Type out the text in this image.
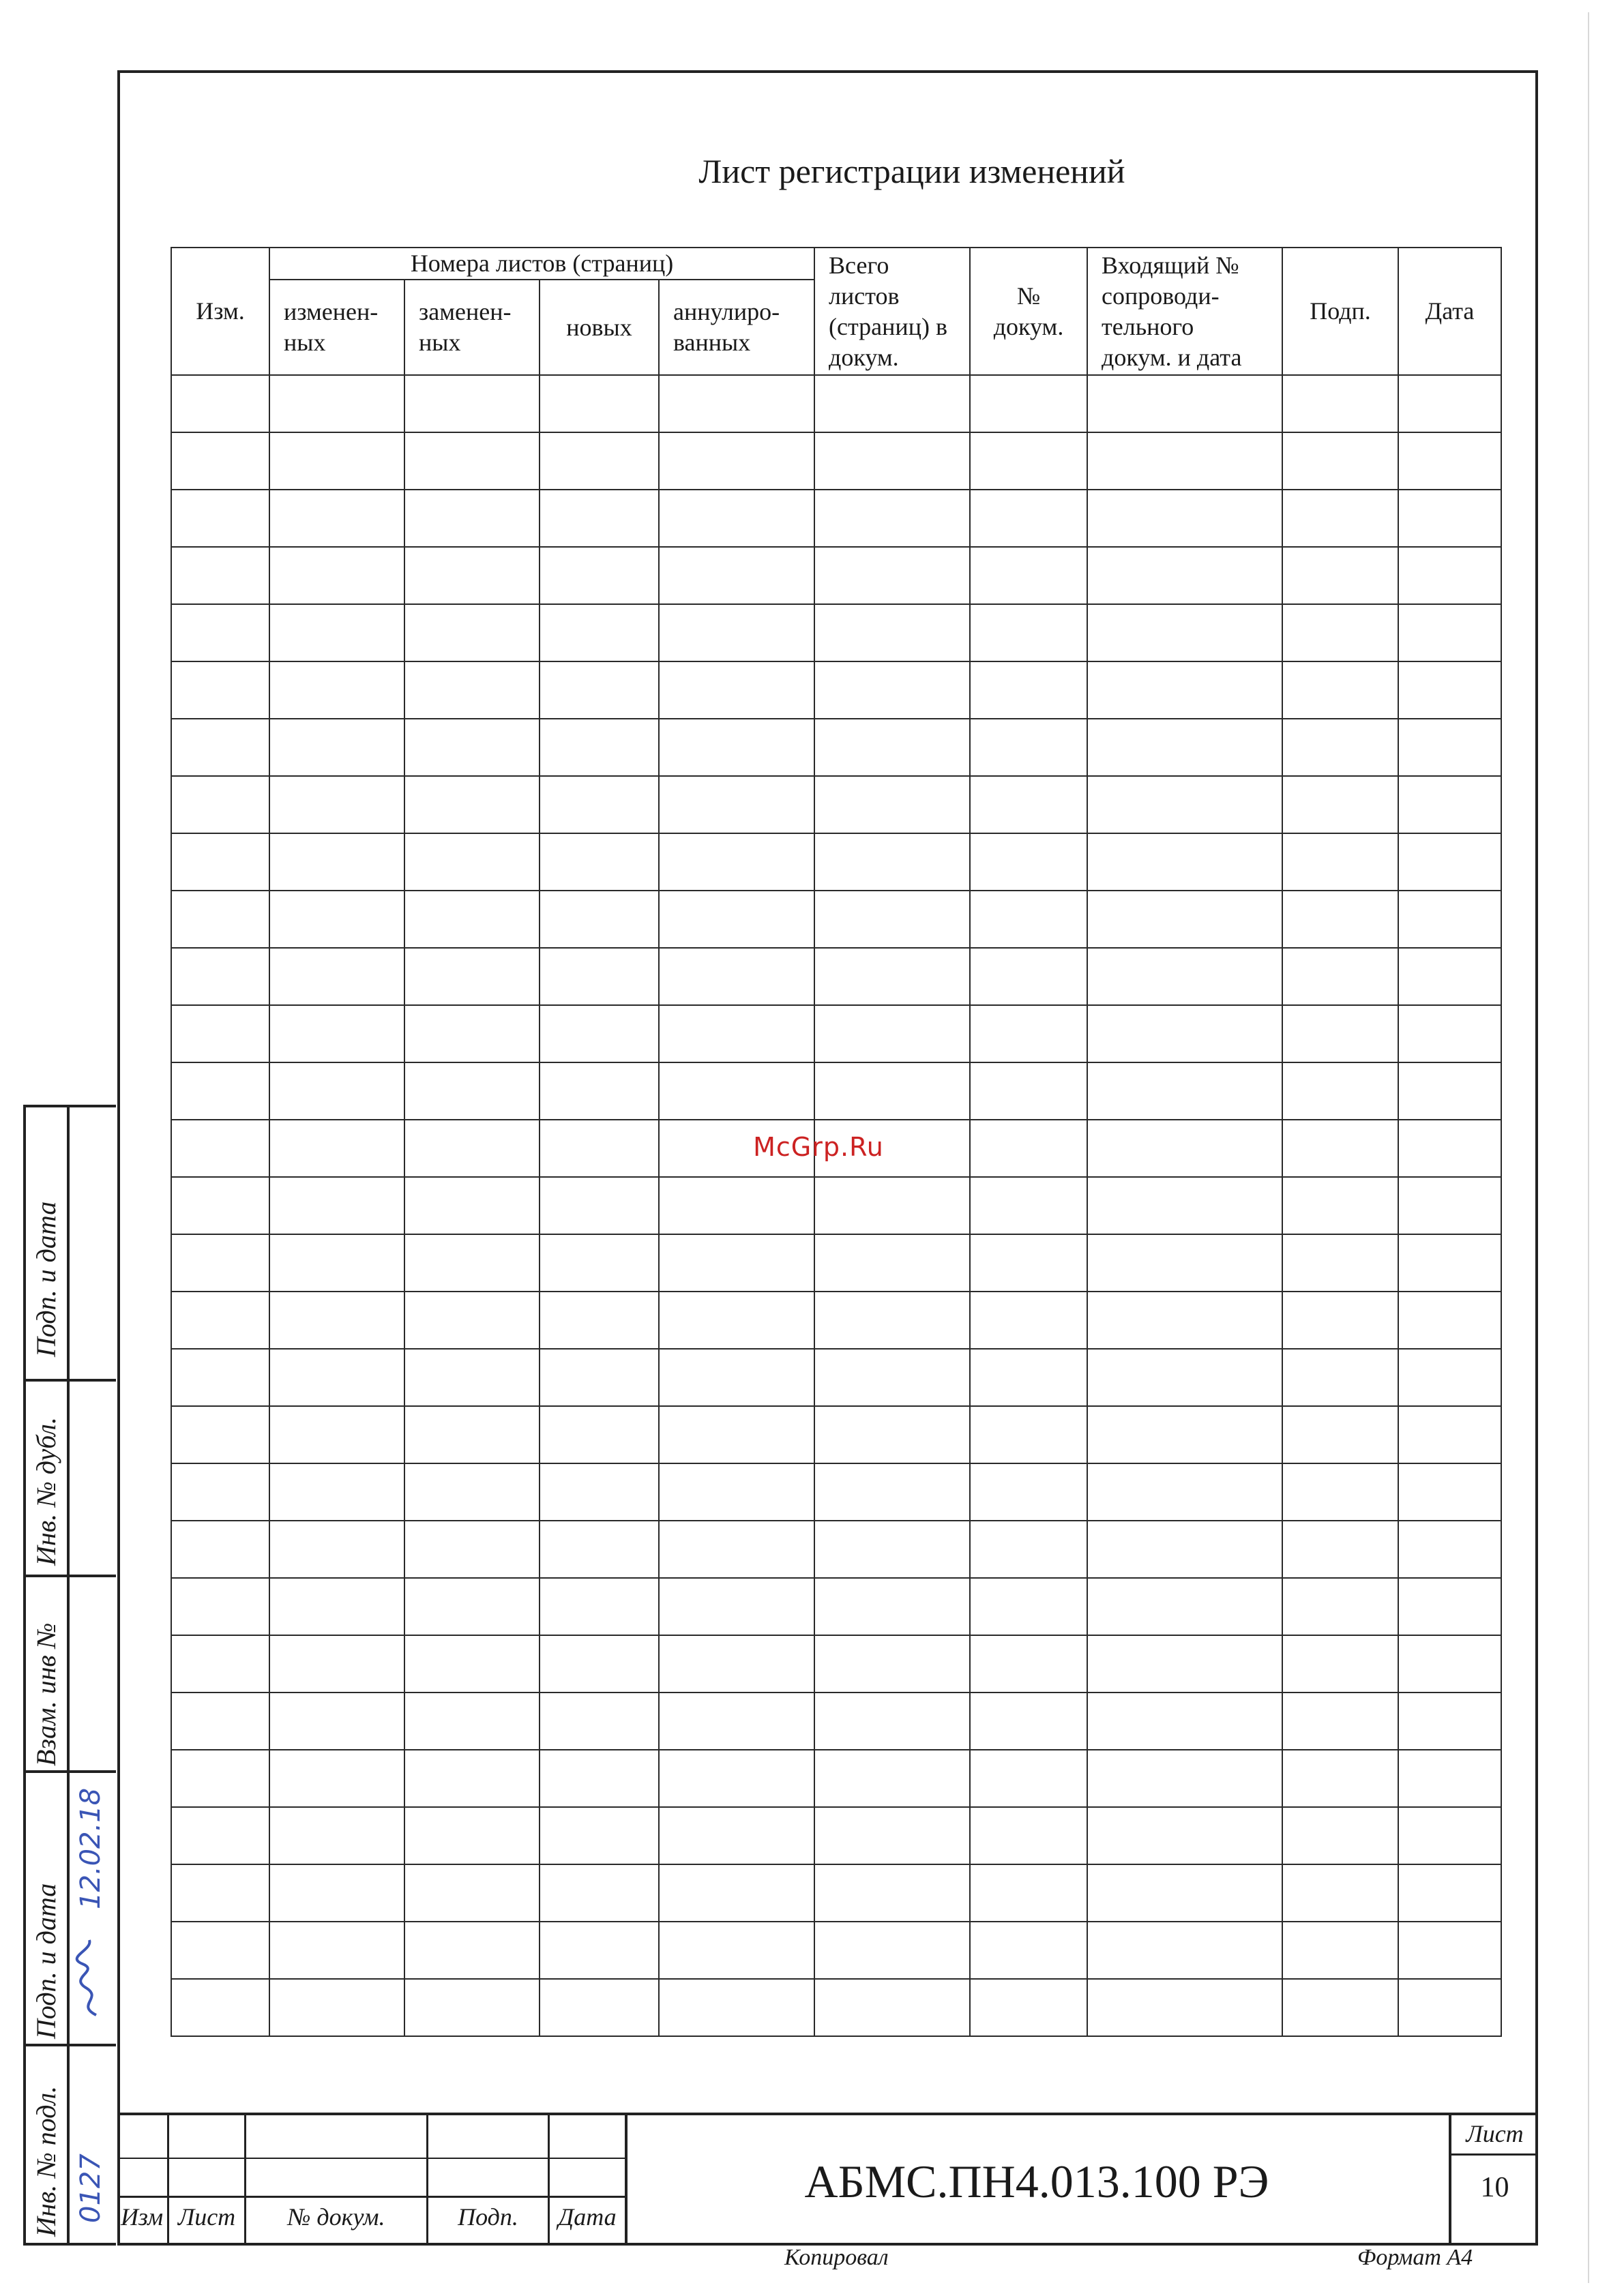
Лист регистрации изменений
Изм.	Номера листов (страниц)				Всего листов (страниц) в докум.	№ докум.	Входящий № сопроводи-тельного докум. и дата	Подп.	Дата
	изменен-ных	заменен-ных	новых	аннулиро-ванных					

McGrp.Ru
Подп. и дата
Инв. № дубл.
Взам. инв №
Подп. и дата
Инв. № подл.
12.02.18
0127 Изм Лист	№ докум.	Подп.	Дата
Лист
10
АБМС.ПН4.013.100 РЭ
Копировал	Формат А4
